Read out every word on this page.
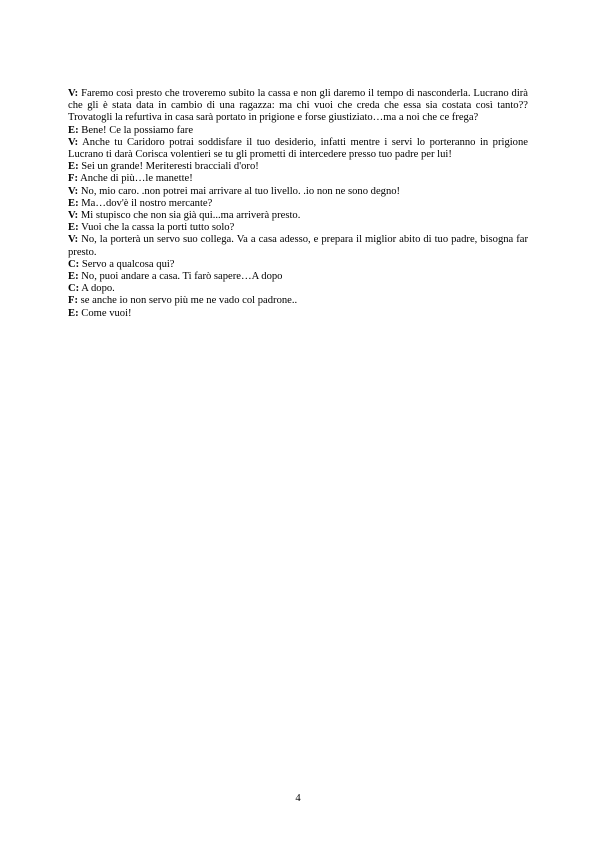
V: Faremo così presto che troveremo subito la cassa e non gli daremo il tempo di nasconderla. Lucrano dirà che gli è stata data in cambio di una ragazza: ma chi vuoi che creda che essa sia costata così tanto?? Trovatogli la refurtiva in casa sarà portato in prigione e forse giustiziato…ma a noi che ce frega?

E: Bene! Ce la possiamo fare

V: Anche tu Caridoro potrai soddisfare il tuo desiderio, infatti mentre i servi lo porteranno in prigione Lucrano ti darà Corisca volentieri se tu gli prometti di intercedere presso tuo padre per lui!

E: Sei un grande! Meriteresti bracciali d'oro!

F: Anche di più…le manette!

V: No, mio caro. .non potrei mai arrivare al tuo livello. .io non ne sono degno!

E: Ma…dov'è il nostro mercante?

V: Mi stupisco che non sia già qui...ma arriverà presto.

E: Vuoi che la cassa la porti tutto solo?

V: No, la porterà un servo suo collega. Va a casa adesso, e prepara il miglior abito di tuo padre, bisogna far presto.

C: Servo a qualcosa qui?

E: No, puoi andare a casa. Ti farò sapere…A dopo

C: A dopo.

F: se anche io non servo più me ne vado col padrone..

E: Come vuoi!

4
